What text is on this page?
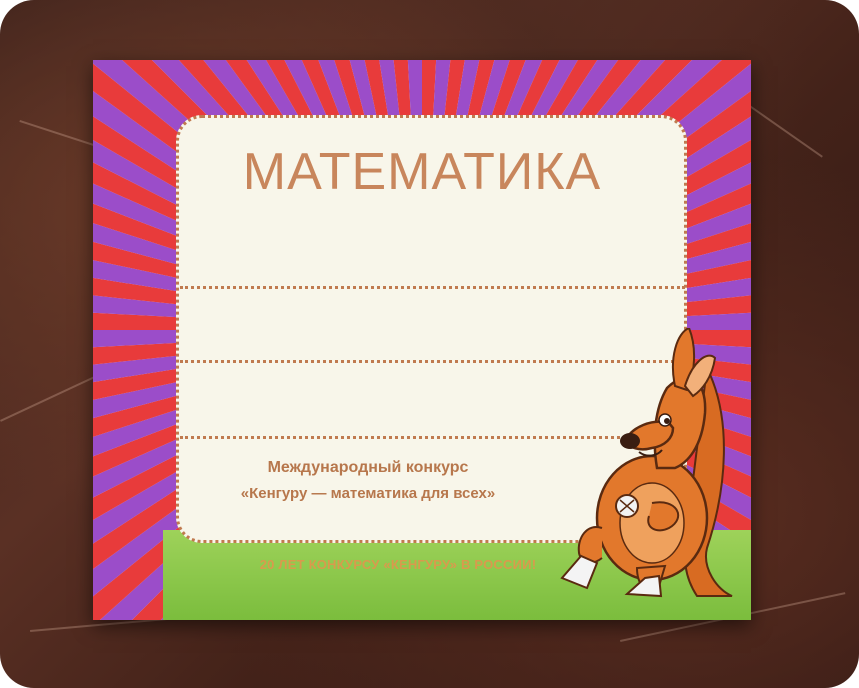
МАТЕМАТИКА
Международный конкурс
«Кенгуру — математика для всех»
20 ЛЕТ КОНКУРСУ «КЕНГУРУ» В РОССИИ!
